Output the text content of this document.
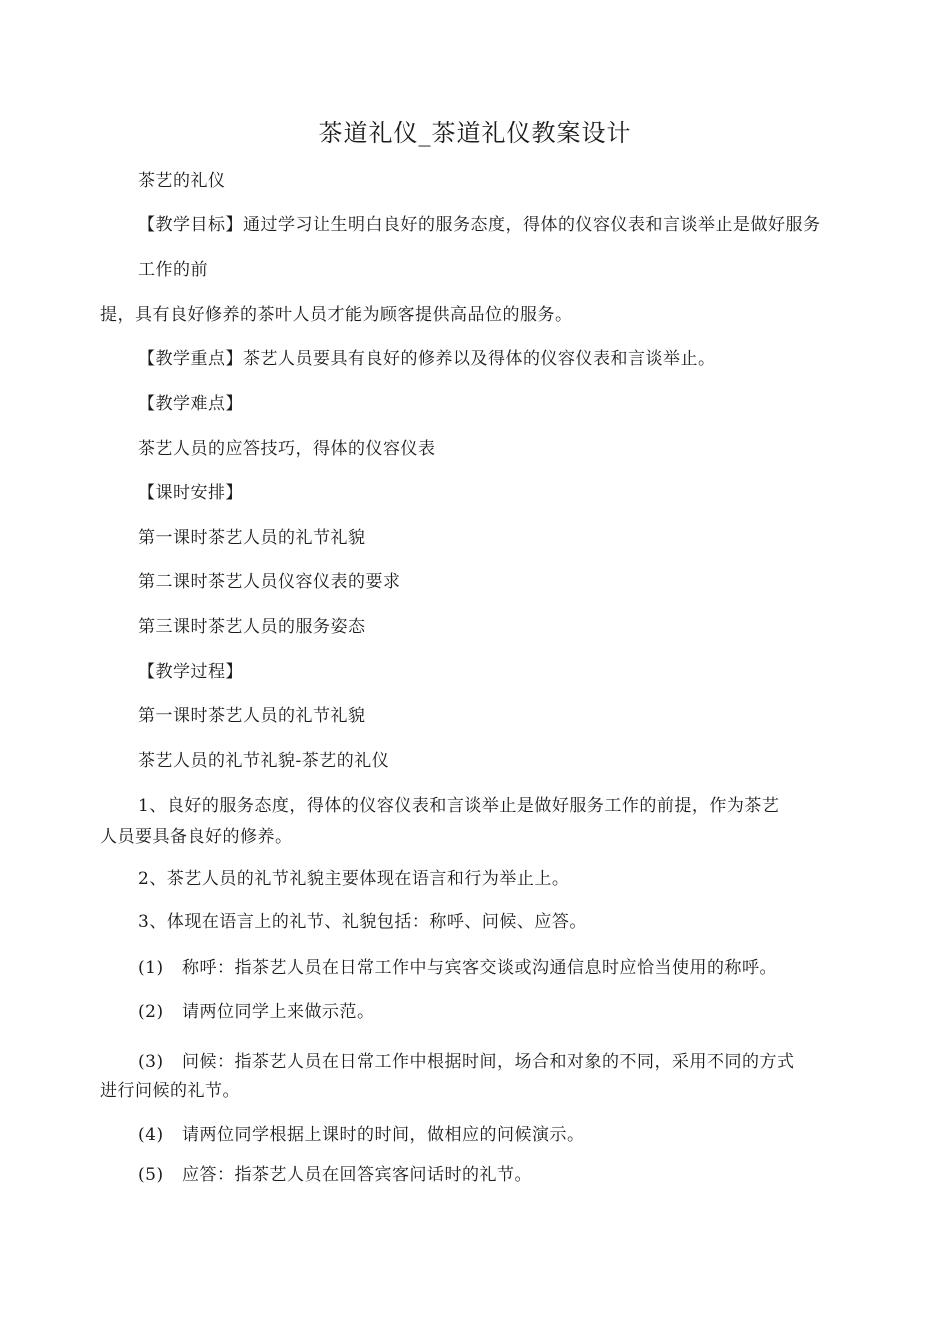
茶道礼仪_茶道礼仪教案设计
茶艺的礼仪
【教学目标】通过学习让生明白良好的服务态度，得体的仪容仪表和言谈举止是做好服务
工作的前
提，具有良好修养的茶叶人员才能为顾客提供高品位的服务。
【教学重点】茶艺人员要具有良好的修养以及得体的仪容仪表和言谈举止。
【教学难点】
茶艺人员的应答技巧，得体的仪容仪表
【课时安排】
第一课时茶艺人员的礼节礼貌
第二课时茶艺人员仪容仪表的要求
第三课时茶艺人员的服务姿态
【教学过程】
第一课时茶艺人员的礼节礼貌
茶艺人员的礼节礼貌-茶艺的礼仪
1、良好的服务态度，得体的仪容仪表和言谈举止是做好服务工作的前提，作为茶艺
人员要具备良好的修养。
2、茶艺人员的礼节礼貌主要体现在语言和行为举止上。
3、体现在语言上的礼节、礼貌包括：称呼、问候、应答。
(1) 称呼：指茶艺人员在日常工作中与宾客交谈或沟通信息时应恰当使用的称呼。
(2) 请两位同学上来做示范。
(3) 问候：指茶艺人员在日常工作中根据时间，场合和对象的不同，采用不同的方式
进行问候的礼节。
(4) 请两位同学根据上课时的时间，做相应的问候演示。
(5) 应答：指茶艺人员在回答宾客问话时的礼节。
